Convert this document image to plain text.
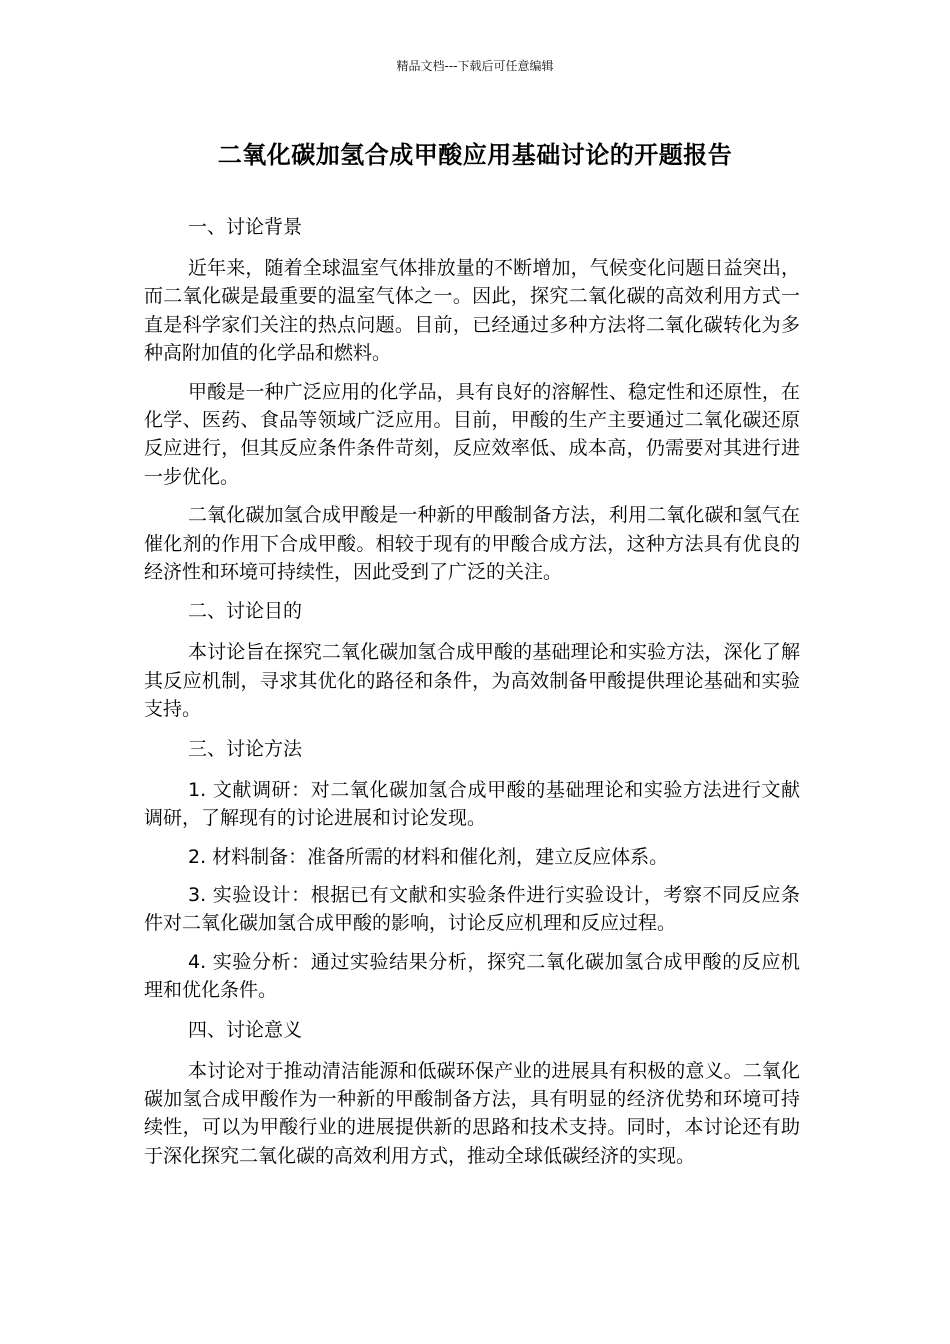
精品文档---下载后可任意编辑
二氧化碳加氢合成甲酸应用基础讨论的开题报告
一、讨论背景

近年来，随着全球温室气体排放量的不断增加，气候变化问题日益突出，而二氧化碳是最重要的温室气体之一。因此，探究二氧化碳的高效利用方式一直是科学家们关注的热点问题。目前，已经通过多种方法将二氧化碳转化为多种高附加值的化学品和燃料。

甲酸是一种广泛应用的化学品，具有良好的溶解性、稳定性和还原性，在化学、医药、食品等领域广泛应用。目前，甲酸的生产主要通过二氧化碳还原反应进行，但其反应条件条件苛刻，反应效率低、成本高，仍需要对其进行进一步优化。

二氧化碳加氢合成甲酸是一种新的甲酸制备方法，利用二氧化碳和氢气在催化剂的作用下合成甲酸。相较于现有的甲酸合成方法，这种方法具有优良的经济性和环境可持续性，因此受到了广泛的关注。

二、讨论目的

本讨论旨在探究二氧化碳加氢合成甲酸的基础理论和实验方法，深化了解其反应机制，寻求其优化的路径和条件，为高效制备甲酸提供理论基础和实验支持。

三、讨论方法

1. 文献调研：对二氧化碳加氢合成甲酸的基础理论和实验方法进行文献调研，了解现有的讨论进展和讨论发现。

2. 材料制备：准备所需的材料和催化剂，建立反应体系。

3. 实验设计：根据已有文献和实验条件进行实验设计，考察不同反应条件对二氧化碳加氢合成甲酸的影响，讨论反应机理和反应过程。

4. 实验分析：通过实验结果分析，探究二氧化碳加氢合成甲酸的反应机理和优化条件。

四、讨论意义

本讨论对于推动清洁能源和低碳环保产业的进展具有积极的意义。二氧化碳加氢合成甲酸作为一种新的甲酸制备方法，具有明显的经济优势和环境可持续性，可以为甲酸行业的进展提供新的思路和技术支持。同时，本讨论还有助于深化探究二氧化碳的高效利用方式，推动全球低碳经济的实现。
